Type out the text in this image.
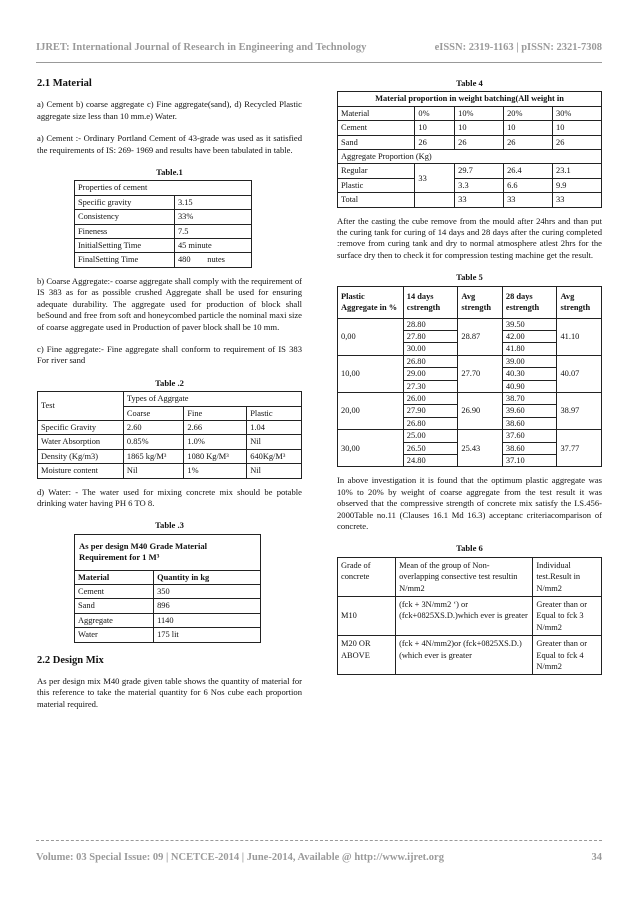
IJRET: International Journal of Research in Engineering and Technology	eISSN: 2319-1163 | pISSN: 2321-7308
2.1 Material

a) Cement b) coarse aggregate c) Fine aggregate(sand), d) Recycled Plastic aggregate size less than 10 mm.e) Water.

a) Cement :- Ordinary Portland Cement of 43-grade was used as it satisfied the requirements of IS: 269- 1969 and results have been tabulated in table.

Table.1
Properties of cement	
Specific gravity	3.15
Consistency	33%
Fineness	7.5
InitialSetting Time	45 minute
FinalSetting Time	480        nutes

b) Coarse Aggregate:- coarse aggregate shall comply with the requirement of IS 383 as for as possible crushed Aggregate shall be used for ensuring adequate durability. The aggregate used for production of block shall beSound and free from soft and honeycombed particle the nominal maxi size of coarse aggregate used in Production of paver block shall be 10 mm.

c) Fine aggregate:- Fine aggregate shall conform to requirement of IS 383 For river sand

Table .2
Test	Types of Aggrgate		
	Coarse	Fine	Plastic
Specific Gravity	2.60	2.66	1.04
Water Absorption	0.85%	1.0%	Nil
Density (Kg/m3)	1865 kg/M³	1080 Kg/M³	640Kg/M³
Moisture content	Nil	1%	Nil

d) Water: - The water used for mixing concrete mix should be potable drinking water having PH 6 TO 8.

Table .3
As per design M40 Grade Material Requirement for 1 M³	
Material	Quantity in kg
Cement	350
Sand	896
Aggregate	1140
Water	175 lit
2.2 Design Mix

As per design mix M40 grade given table shows the quantity of material for this reference to take the material quantity for 6 Nos cube each proportion material required.

Table 4
Material proportion in weight batching(All weight in				
Material	0%	10%	20%	30%
Cement	10	10	10	10
Sand	26	26	26	26
Aggregate Proportion (Kg)				
Regular	33	29.7	26.4	23.1
Plastic		3.3	6.6	9.9
Total		33	33	33

After the casting the cube remove from the mould after 24hrs and than put the curing tank for curing of 14 days and 28 days after the curing completed :remove from curing tank and dry to normal atmosphere atlest 2hrs for the surface dry then to check it for compression testing machine get the result.

Table 5
Plastic Aggregate in %	14 days cstrength	Avg strength	28 days estrength	Avg strength
0,00	28.80	28.87	39.50	41.10
	27.80		42.00	
	30.00		41.80	
10,00	26.80	27.70	39.00	40.07
	29.00		40.30	
	27.30		40.90	
20,00	26.00	26.90	38.70	38.97
	27.90		39.60	
	26.80		38.60	
30,00	25.00	25.43	37.60	37.77
	26.50		38.60	
	24.80		37.10	

In above investigation it is found that the optimum plastic aggregate was 10% to 20% by weight of coarse aggregate from the test result it was observed that the compressive strength of concrete mix satisfy the I.S.456-2000Table no.11 (Clauses 16.1 Md 16.3) acceptanc criteriacomparison of concrete.

Table 6
Grade of concrete	Mean of the group of Non-overlapping consective test resultin N/mm2	Individual test.Result in N/mm2
M10	(fck + 3N/mm2 ‘) or (fck+0825XS.D.)which ever is greater	Greater than or Equal to fck 3 N/mm2
M20 OR ABOVE	(fck + 4N/mm2)or (fck+0825XS.D.) (which ever is greater	Greater than or Equal to fck 4 N/mm2
Volume: 03 Special Issue: 09 | NCETCE-2014 | June-2014, Available @ http://www.ijret.org	34
